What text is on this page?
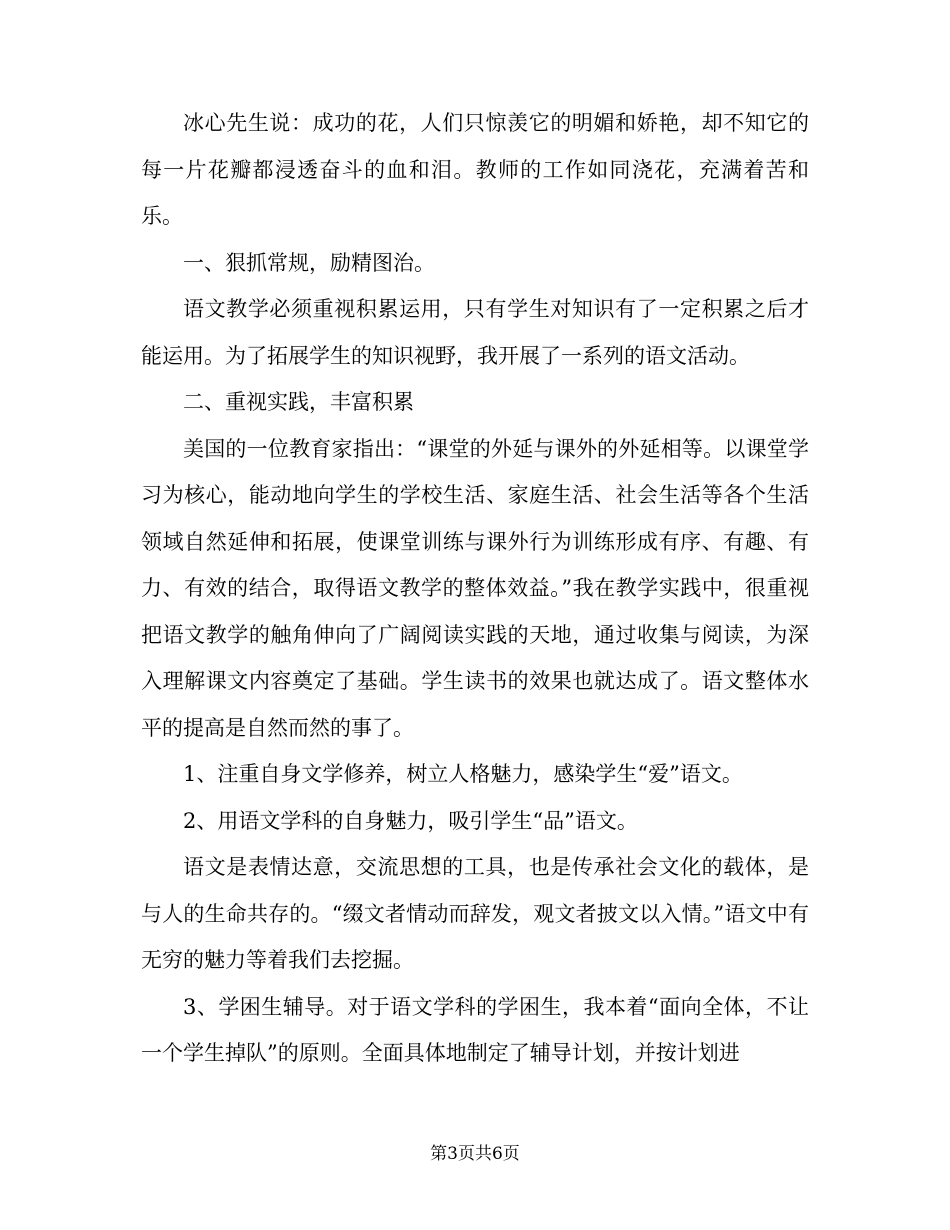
冰心先生说：成功的花，人们只惊羡它的明媚和娇艳，却不知它的每一片花瓣都浸透奋斗的血和泪。教师的工作如同浇花，充满着苦和乐。

一、狠抓常规，励精图治。

语文教学必须重视积累运用，只有学生对知识有了一定积累之后才能运用。为了拓展学生的知识视野，我开展了一系列的语文活动。

二、重视实践，丰富积累

美国的一位教育家指出：“课堂的外延与课外的外延相等。以课堂学习为核心，能动地向学生的学校生活、家庭生活、社会生活等各个生活领域自然延伸和拓展，使课堂训练与课外行为训练形成有序、有趣、有力、有效的结合，取得语文教学的整体效益。”我在教学实践中，很重视把语文教学的触角伸向了广阔阅读实践的天地，通过收集与阅读，为深入理解课文内容奠定了基础。学生读书的效果也就达成了。语文整体水平的提高是自然而然的事了。

1、注重自身文学修养，树立人格魅力，感染学生“爱”语文。

2、用语文学科的自身魅力，吸引学生“品”语文。

语文是表情达意，交流思想的工具，也是传承社会文化的载体，是与人的生命共存的。“缀文者情动而辞发，观文者披文以入情。”语文中有无穷的魅力等着我们去挖掘。

3、学困生辅导。对于语文学科的学困生，我本着“面向全体，不让一个学生掉队”的原则。全面具体地制定了辅导计划，并按计划进

第3页共6页
